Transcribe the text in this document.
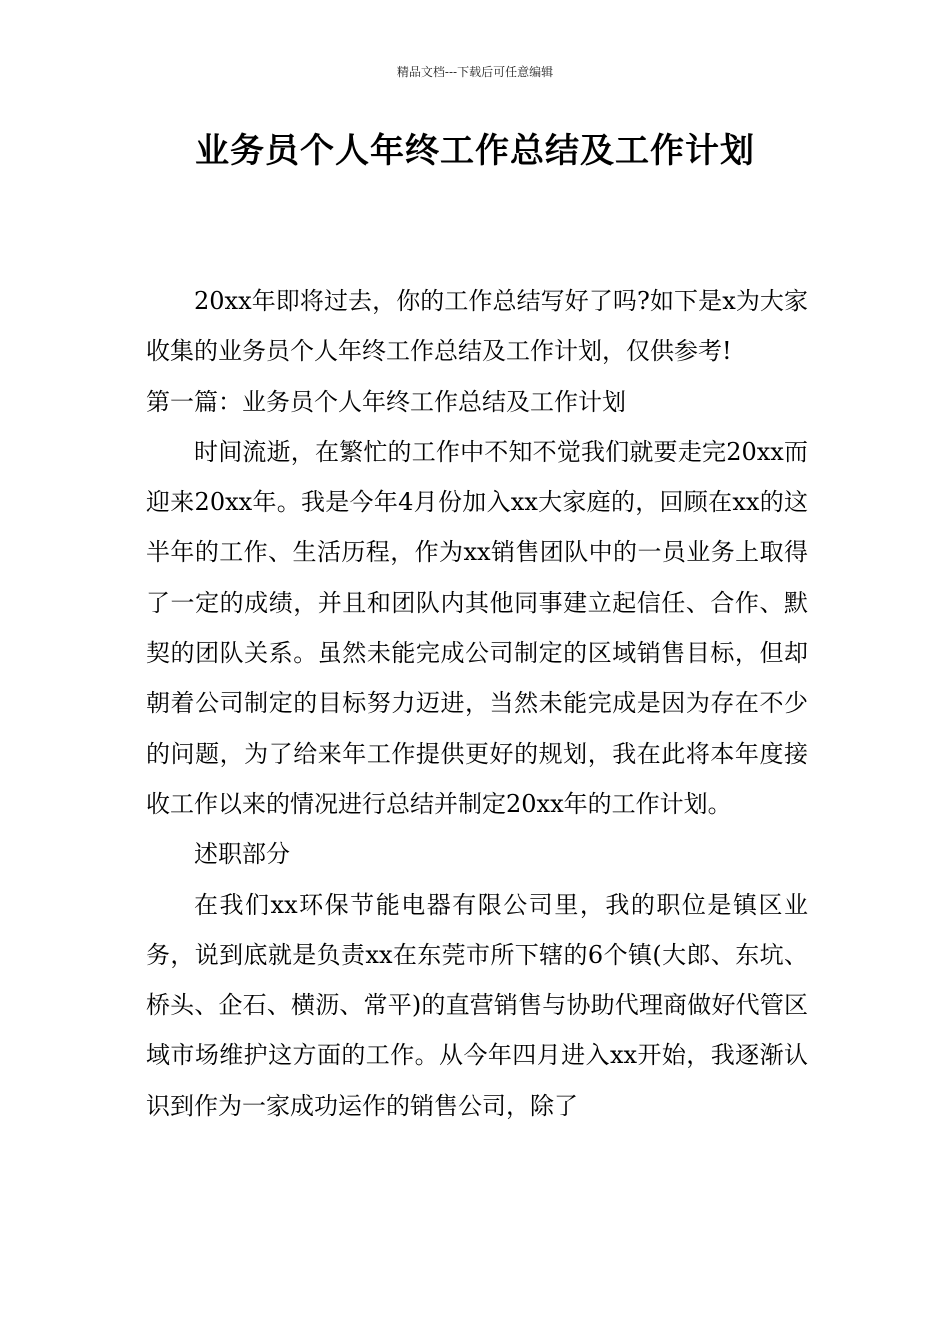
精品文档---下载后可任意编辑
业务员个人年终工作总结及工作计划

20xx年即将过去，你的工作总结写好了吗?如下是x为大家收集的业务员个人年终工作总结及工作计划，仅供参考!

第一篇：业务员个人年终工作总结及工作计划

时间流逝，在繁忙的工作中不知不觉我们就要走完20xx而迎来20xx年。我是今年4月份加入xx大家庭的，回顾在xx的这半年的工作、生活历程，作为xx销售团队中的一员业务上取得了一定的成绩，并且和团队内其他同事建立起信任、合作、默契的团队关系。虽然未能完成公司制定的区域销售目标，但却朝着公司制定的目标努力迈进，当然未能完成是因为存在不少的问题，为了给来年工作提供更好的规划，我在此将本年度接收工作以来的情况进行总结并制定20xx年的工作计划。

述职部分

在我们xx环保节能电器有限公司里，我的职位是镇区业务，说到底就是负责xx在东莞市所下辖的6个镇(大郎、东坑、桥头、企石、横沥、常平)的直营销售与协助代理商做好代管区域市场维护这方面的工作。从今年四月进入xx开始，我逐渐认识到作为一家成功运作的销售公司，除了
